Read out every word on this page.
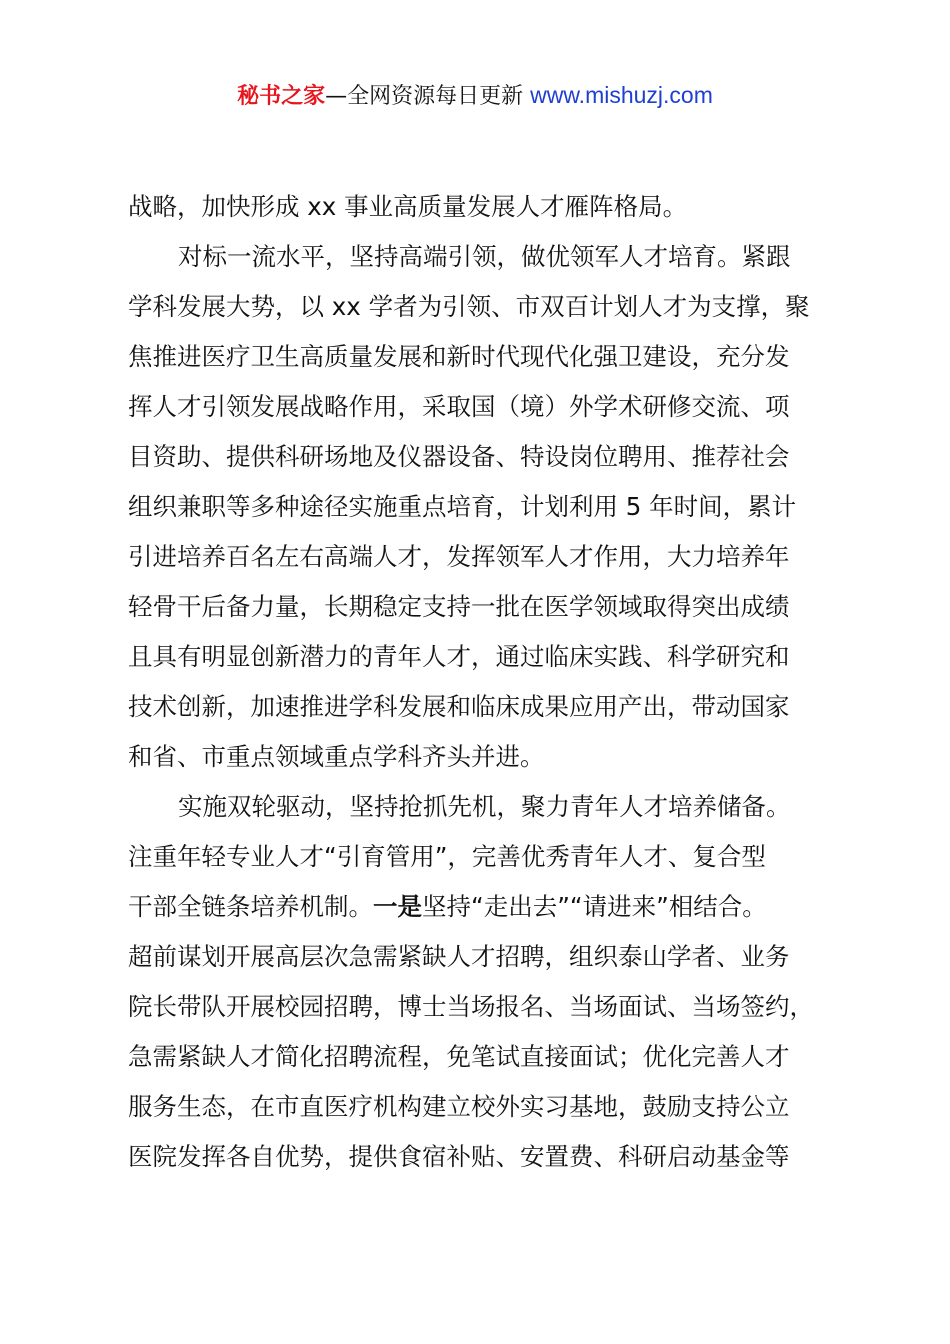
秘书之家—全网资源每日更新 www.mishuzj.com
战略，加快形成 xx 事业高质量发展人才雁阵格局。
对标一流水平，坚持高端引领，做优领军人才培育。紧跟
学科发展大势，以 xx 学者为引领、市双百计划人才为支撑，聚
焦推进医疗卫生高质量发展和新时代现代化强卫建设，充分发
挥人才引领发展战略作用，采取国（境）外学术研修交流、项
目资助、提供科研场地及仪器设备、特设岗位聘用、推荐社会
组织兼职等多种途径实施重点培育，计划利用 5 年时间，累计
引进培养百名左右高端人才，发挥领军人才作用，大力培养年
轻骨干后备力量，长期稳定支持一批在医学领域取得突出成绩
且具有明显创新潜力的青年人才，通过临床实践、科学研究和
技术创新，加速推进学科发展和临床成果应用产出，带动国家
和省、市重点领域重点学科齐头并进。
实施双轮驱动，坚持抢抓先机，聚力青年人才培养储备。
注重年轻专业人才“引育管用”，完善优秀青年人才、复合型
干部全链条培养机制。一是坚持“走出去”“请进来”相结合。
超前谋划开展高层次急需紧缺人才招聘，组织泰山学者、业务
院长带队开展校园招聘，博士当场报名、当场面试、当场签约，
急需紧缺人才简化招聘流程，免笔试直接面试；优化完善人才
服务生态，在市直医疗机构建立校外实习基地，鼓励支持公立
医院发挥各自优势，提供食宿补贴、安置费、科研启动基金等
